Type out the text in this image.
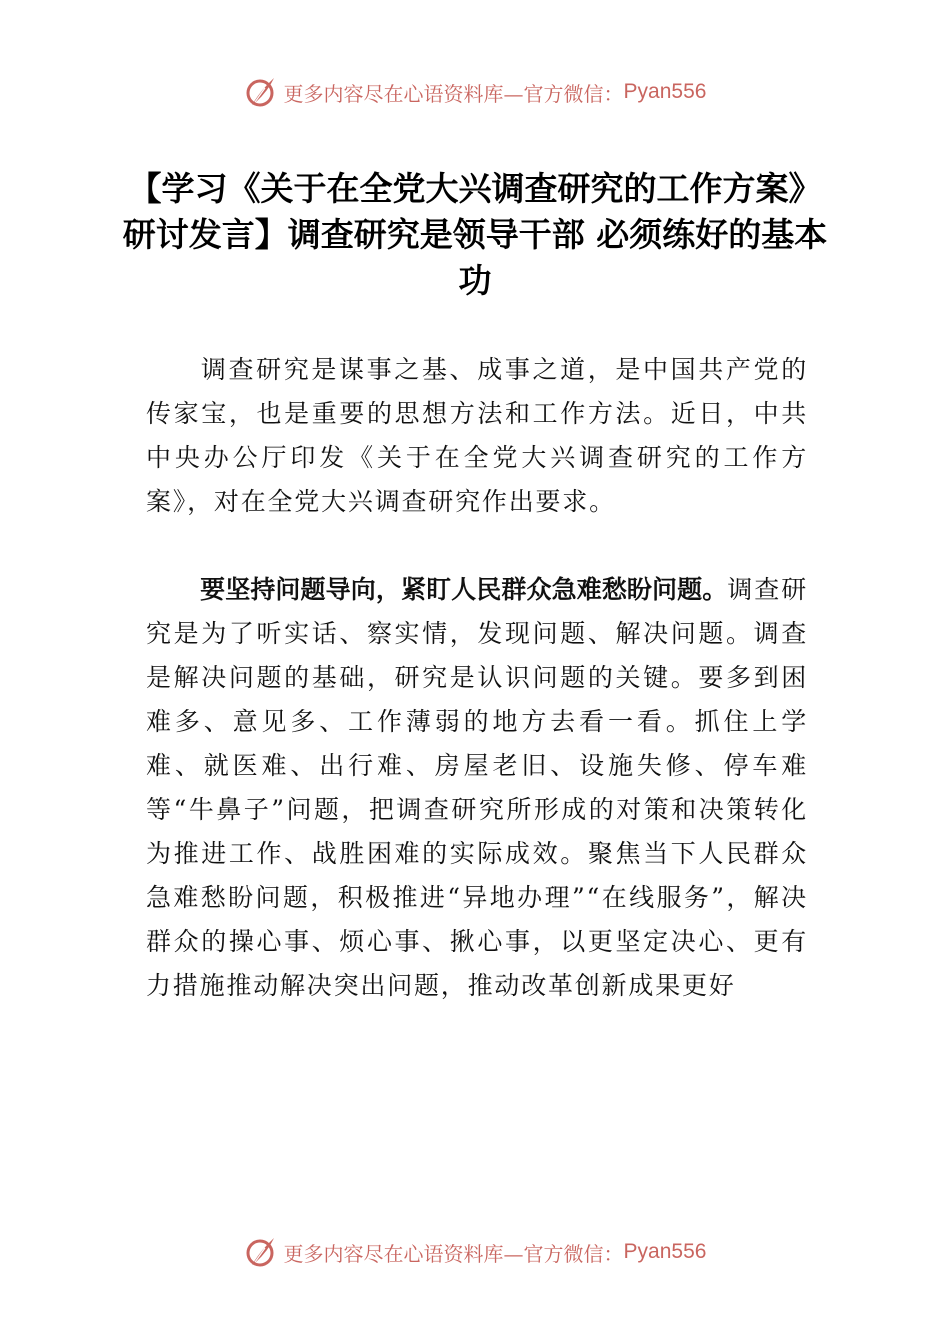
更多内容尽在心语资料库—官方微信： Pyan556
【学习《关于在全党大兴调查研究的工作方案》研讨发言】调查研究是领导干部 必须练好的基本功

调查研究是谋事之基、成事之道，是中国共产党的传家宝，也是重要的思想方法和工作方法。近日，中共中央办公厅印发《关于在全党大兴调查研究的工作方案》，对在全党大兴调查研究作出要求。

要坚持问题导向，紧盯人民群众急难愁盼问题。调查研究是为了听实话、察实情，发现问题、解决问题。调查是解决问题的基础，研究是认识问题的关键。要多到困难多、意见多、工作薄弱的地方去看一看。抓住上学难、就医难、出行难、房屋老旧、设施失修、停车难等“牛鼻子”问题，把调查研究所形成的对策和决策转化为推进工作、战胜困难的实际成效。聚焦当下人民群众急难愁盼问题，积极推进“异地办理”“在线服务”，解决群众的操心事、烦心事、揪心事，以更坚定决心、更有力措施推动解决突出问题，推动改革创新成果更好

更多内容尽在心语资料库—官方微信： Pyan556
